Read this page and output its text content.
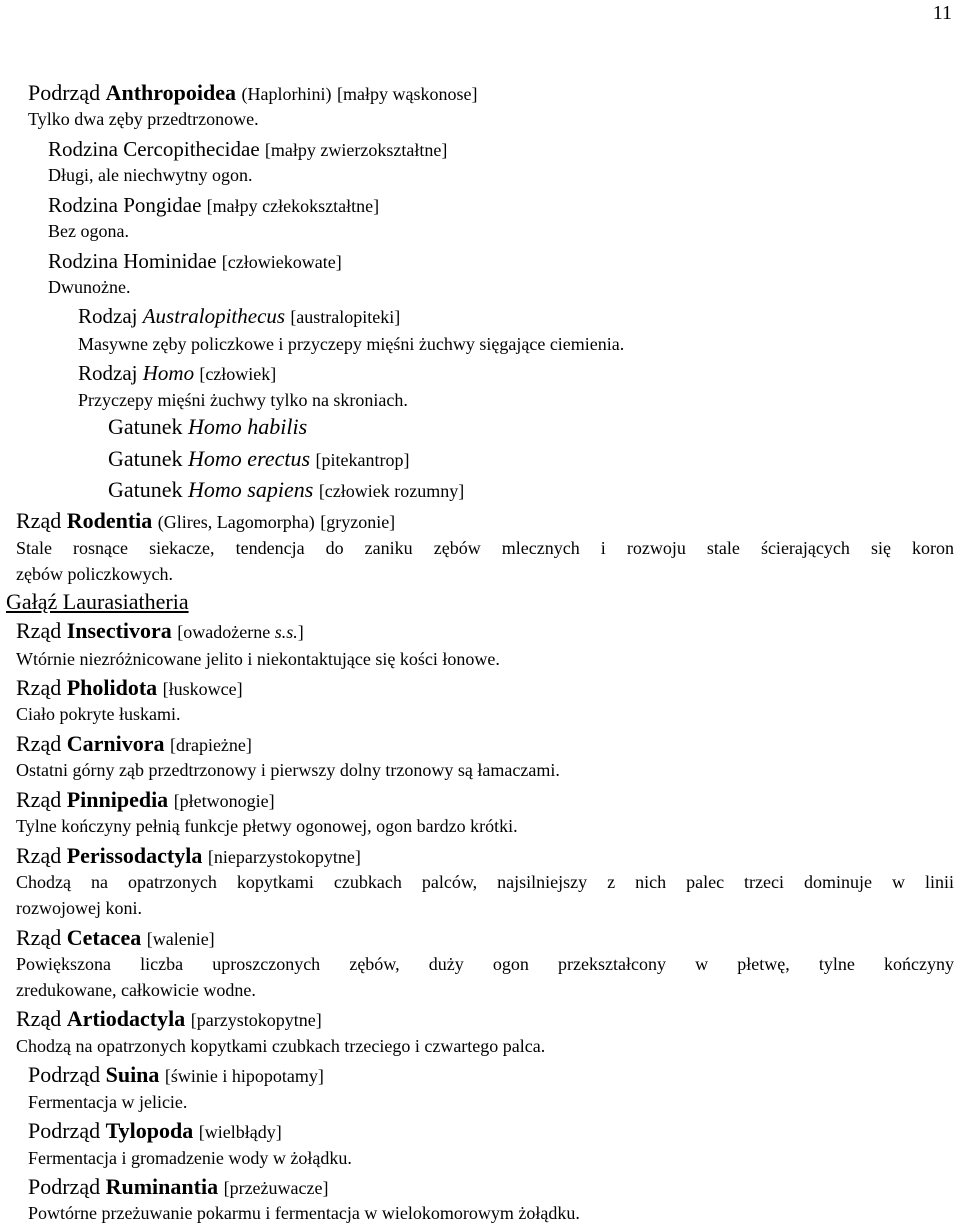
11
Podrząd Anthropoidea (Haplorhini) [małpy wąskonose]
Tylko dwa zęby przedtrzonowe.
Rodzina Cercopithecidae [małpy zwierzokształtne]
Długi, ale niechwytny ogon.
Rodzina Pongidae [małpy człekokształtne]
Bez ogona.
Rodzina Hominidae [człowiekowate]
Dwunożne.
Rodzaj Australopithecus [australopiteki]
Masywne zęby policzkowe i przyczepy mięśni żuchwy sięgające ciemienia.
Rodzaj Homo [człowiek]
Przyczepy mięśni żuchwy tylko na skroniach.
Gatunek Homo habilis
Gatunek Homo erectus [pitekantrop]
Gatunek Homo sapiens [człowiek rozumny]
Rząd Rodentia (Glires, Lagomorpha) [gryzonie]
Stale rosnące siekacze, tendencja do zaniku zębów mlecznych i rozwoju stale ścierających się koron
zębów policzkowych.
Gałąź Laurasiatheria
Rząd Insectivora [owadożerne s.s.]
Wtórnie niezróżnicowane jelito i niekontaktujące się kości łonowe.
Rząd Pholidota [łuskowce]
Ciało pokryte łuskami.
Rząd Carnivora [drapieżne]
Ostatni górny ząb przedtrzonowy i pierwszy dolny trzonowy są łamaczami.
Rząd Pinnipedia [płetwonogie]
Tylne kończyny pełnią funkcje płetwy ogonowej, ogon bardzo krótki.
Rząd Perissodactyla [nieparzystokopytne]
Chodzą na opatrzonych kopytkami czubkach palców, najsilniejszy z nich palec trzeci dominuje w linii
rozwojowej koni.
Rząd Cetacea [walenie]
Powiększona liczba uproszczonych zębów, duży ogon przekształcony w płetwę, tylne kończyny
zredukowane, całkowicie wodne.
Rząd Artiodactyla [parzystokopytne]
Chodzą na opatrzonych kopytkami czubkach trzeciego i czwartego palca.
Podrząd Suina [świnie i hipopotamy]
Fermentacja w jelicie.
Podrząd Tylopoda [wielbłądy]
Fermentacja i gromadzenie wody w żołądku.
Podrząd Ruminantia [przeżuwacze]
Powtórne przeżuwanie pokarmu i fermentacja w wielokomorowym żołądku.
